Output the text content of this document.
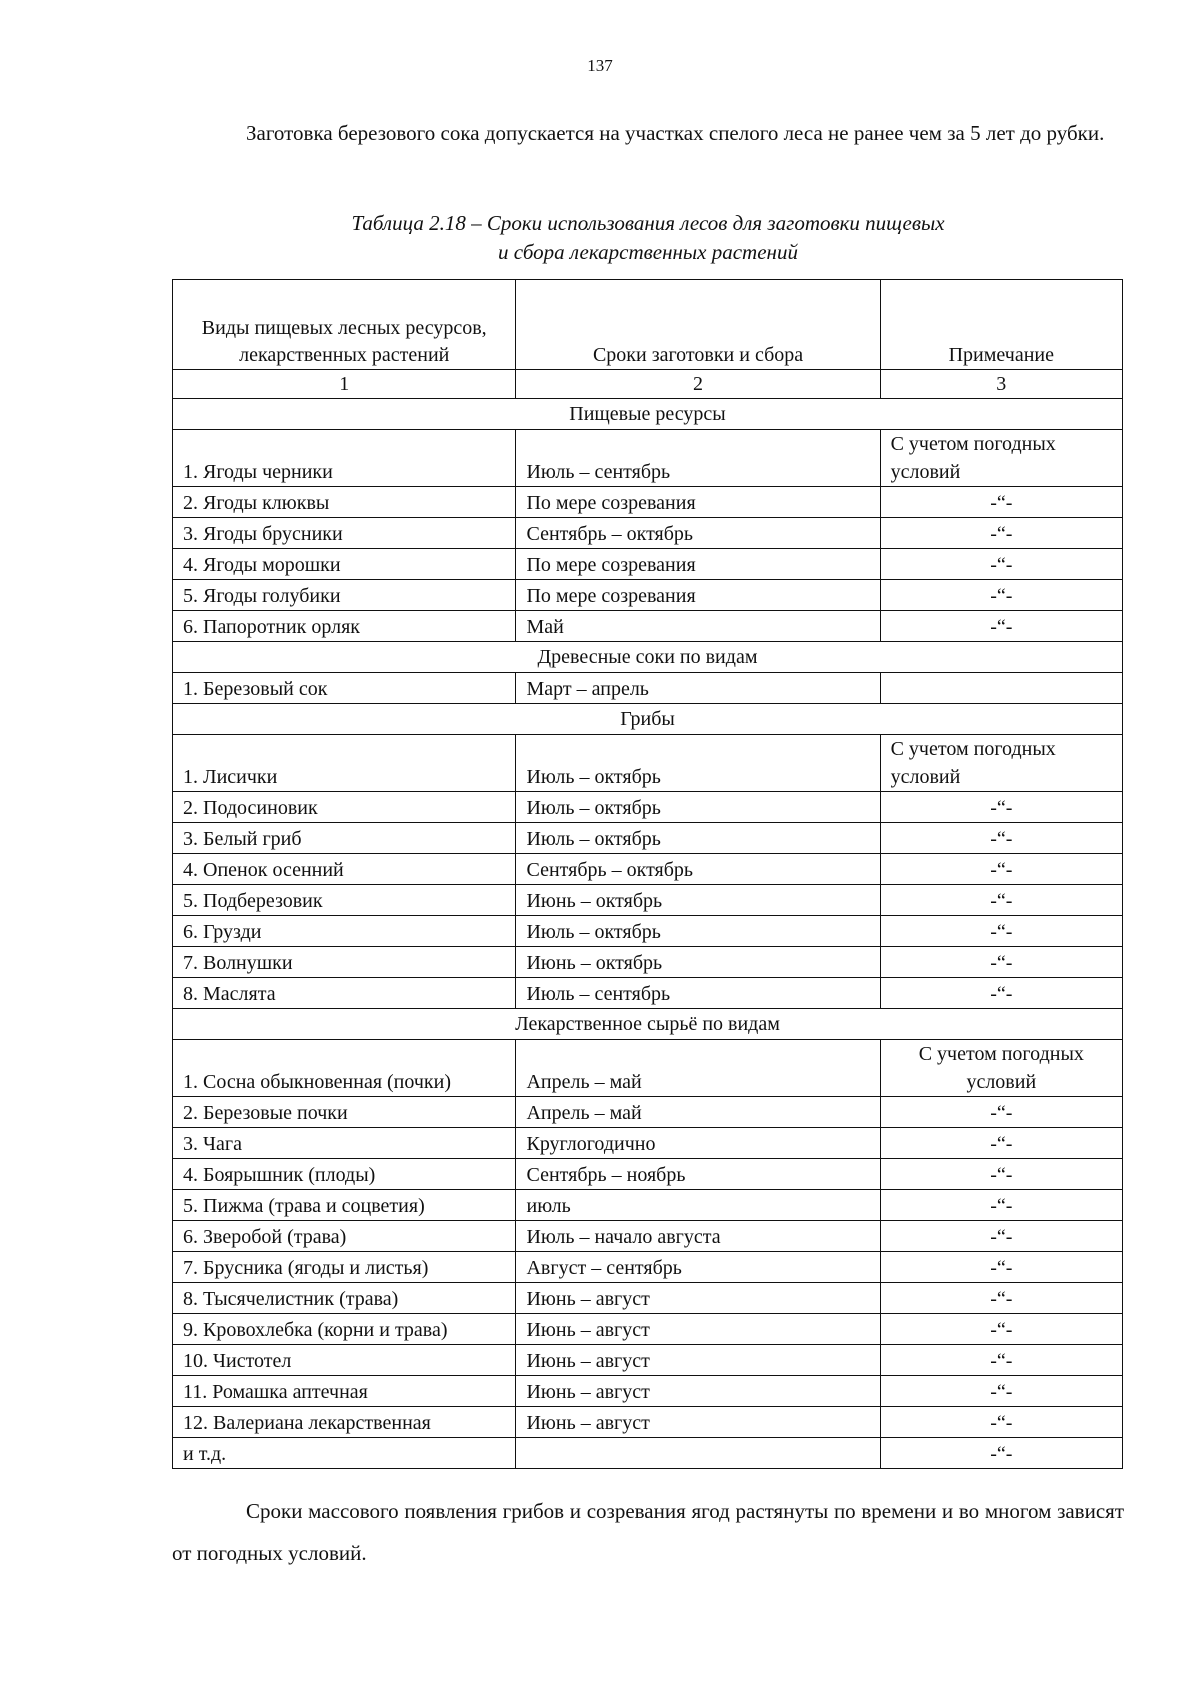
137

Заготовка березового сока допускается на участках спелого леса не ранее чем за 5 лет до рубки.

Таблица 2.18 – Сроки использования лесов для заготовки пищевых
и сбора лекарственных растений
Виды пищевых лесных ресурсов, лекарственных растений	Сроки заготовки и сбора	Примечание
1	2	3
Пищевые ресурсы		
1. Ягоды черники	Июль – сентябрь	С учетом погодных условий
2. Ягоды клюквы	По мере созревания	-“-
3. Ягоды брусники	Сентябрь – октябрь	-“-
4. Ягоды морошки	По мере созревания	-“-
5. Ягоды голубики	По мере созревания	-“-
6. Папоротник орляк	Май	-“-
Древесные соки по видам		
1. Березовый сок	Март – апрель	
Грибы		
1. Лисички	Июль – октябрь	С учетом погодных условий
2. Подосиновик	Июль – октябрь	-“-
3. Белый гриб	Июль – октябрь	-“-
4. Опенок осенний	Сентябрь – октябрь	-“-
5. Подберезовик	Июнь – октябрь	-“-
6. Грузди	Июль – октябрь	-“-
7. Волнушки	Июнь – октябрь	-“-
8. Маслята	Июль – сентябрь	-“-
Лекарственное сырьё по видам		
1. Сосна обыкновенная (почки)	Апрель – май	С учетом погодных условий
2. Березовые почки	Апрель – май	-“-
3. Чага	Круглогодично	-“-
4. Боярышник (плоды)	Сентябрь – ноябрь	-“-
5. Пижма (трава и соцветия)	июль	-“-
6. Зверобой (трава)	Июль – начало августа	-“-
7. Брусника (ягоды и листья)	Август – сентябрь	-“-
8. Тысячелистник (трава)	Июнь – август	-“-
9. Кровохлебка (корни и трава)	Июнь – август	-“-
10. Чистотел	Июнь – август	-“-
11. Ромашка аптечная	Июнь – август	-“-
12. Валериана лекарственная	Июнь – август	-“-
и т.д.		-“-

Сроки массового появления грибов и созревания ягод растянуты по времени и во многом зависят от погодных условий.
